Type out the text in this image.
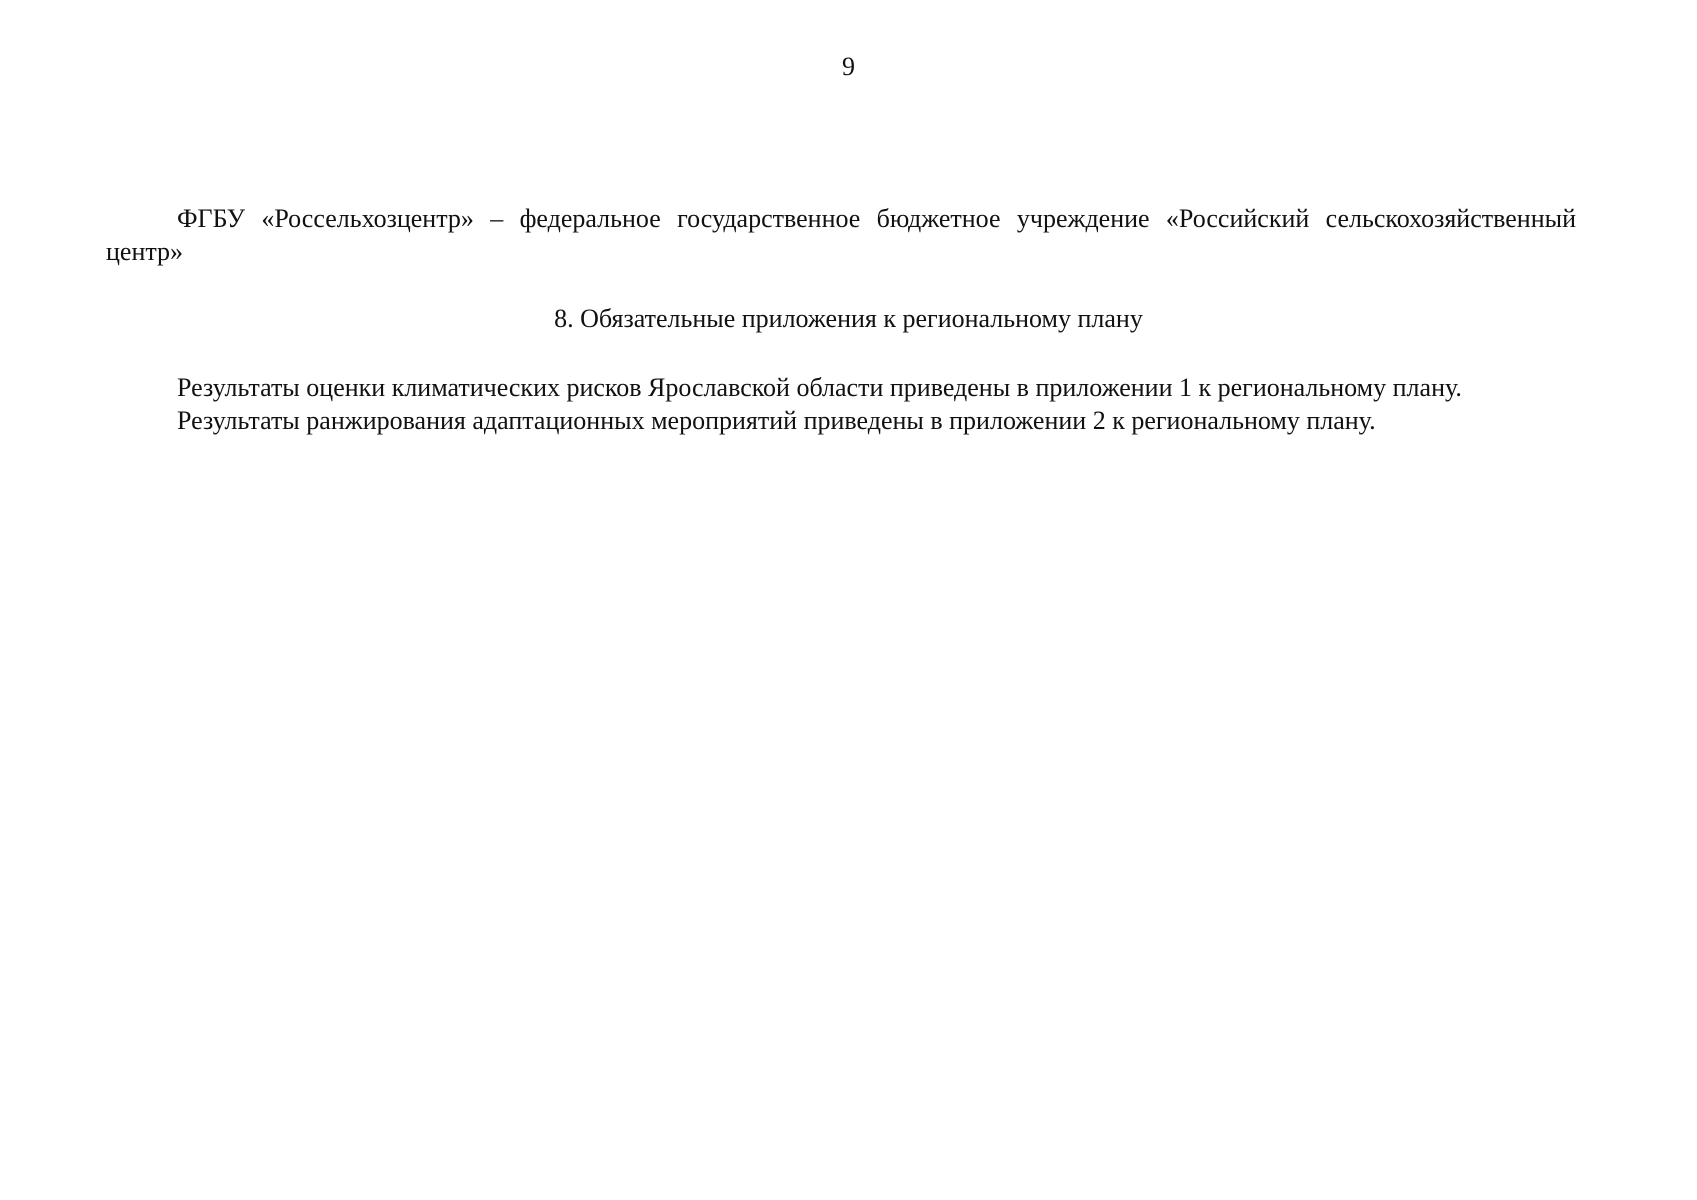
9
ФГБУ «Россельхозцентр» – федеральное государственное бюджетное учреждение «Российский сельскохозяйственный центр»
8. Обязательные приложения к региональному плану
Результаты оценки климатических рисков Ярославской области приведены в приложении 1 к региональному плану.
Результаты ранжирования адаптационных мероприятий приведены в приложении 2 к региональному плану.
